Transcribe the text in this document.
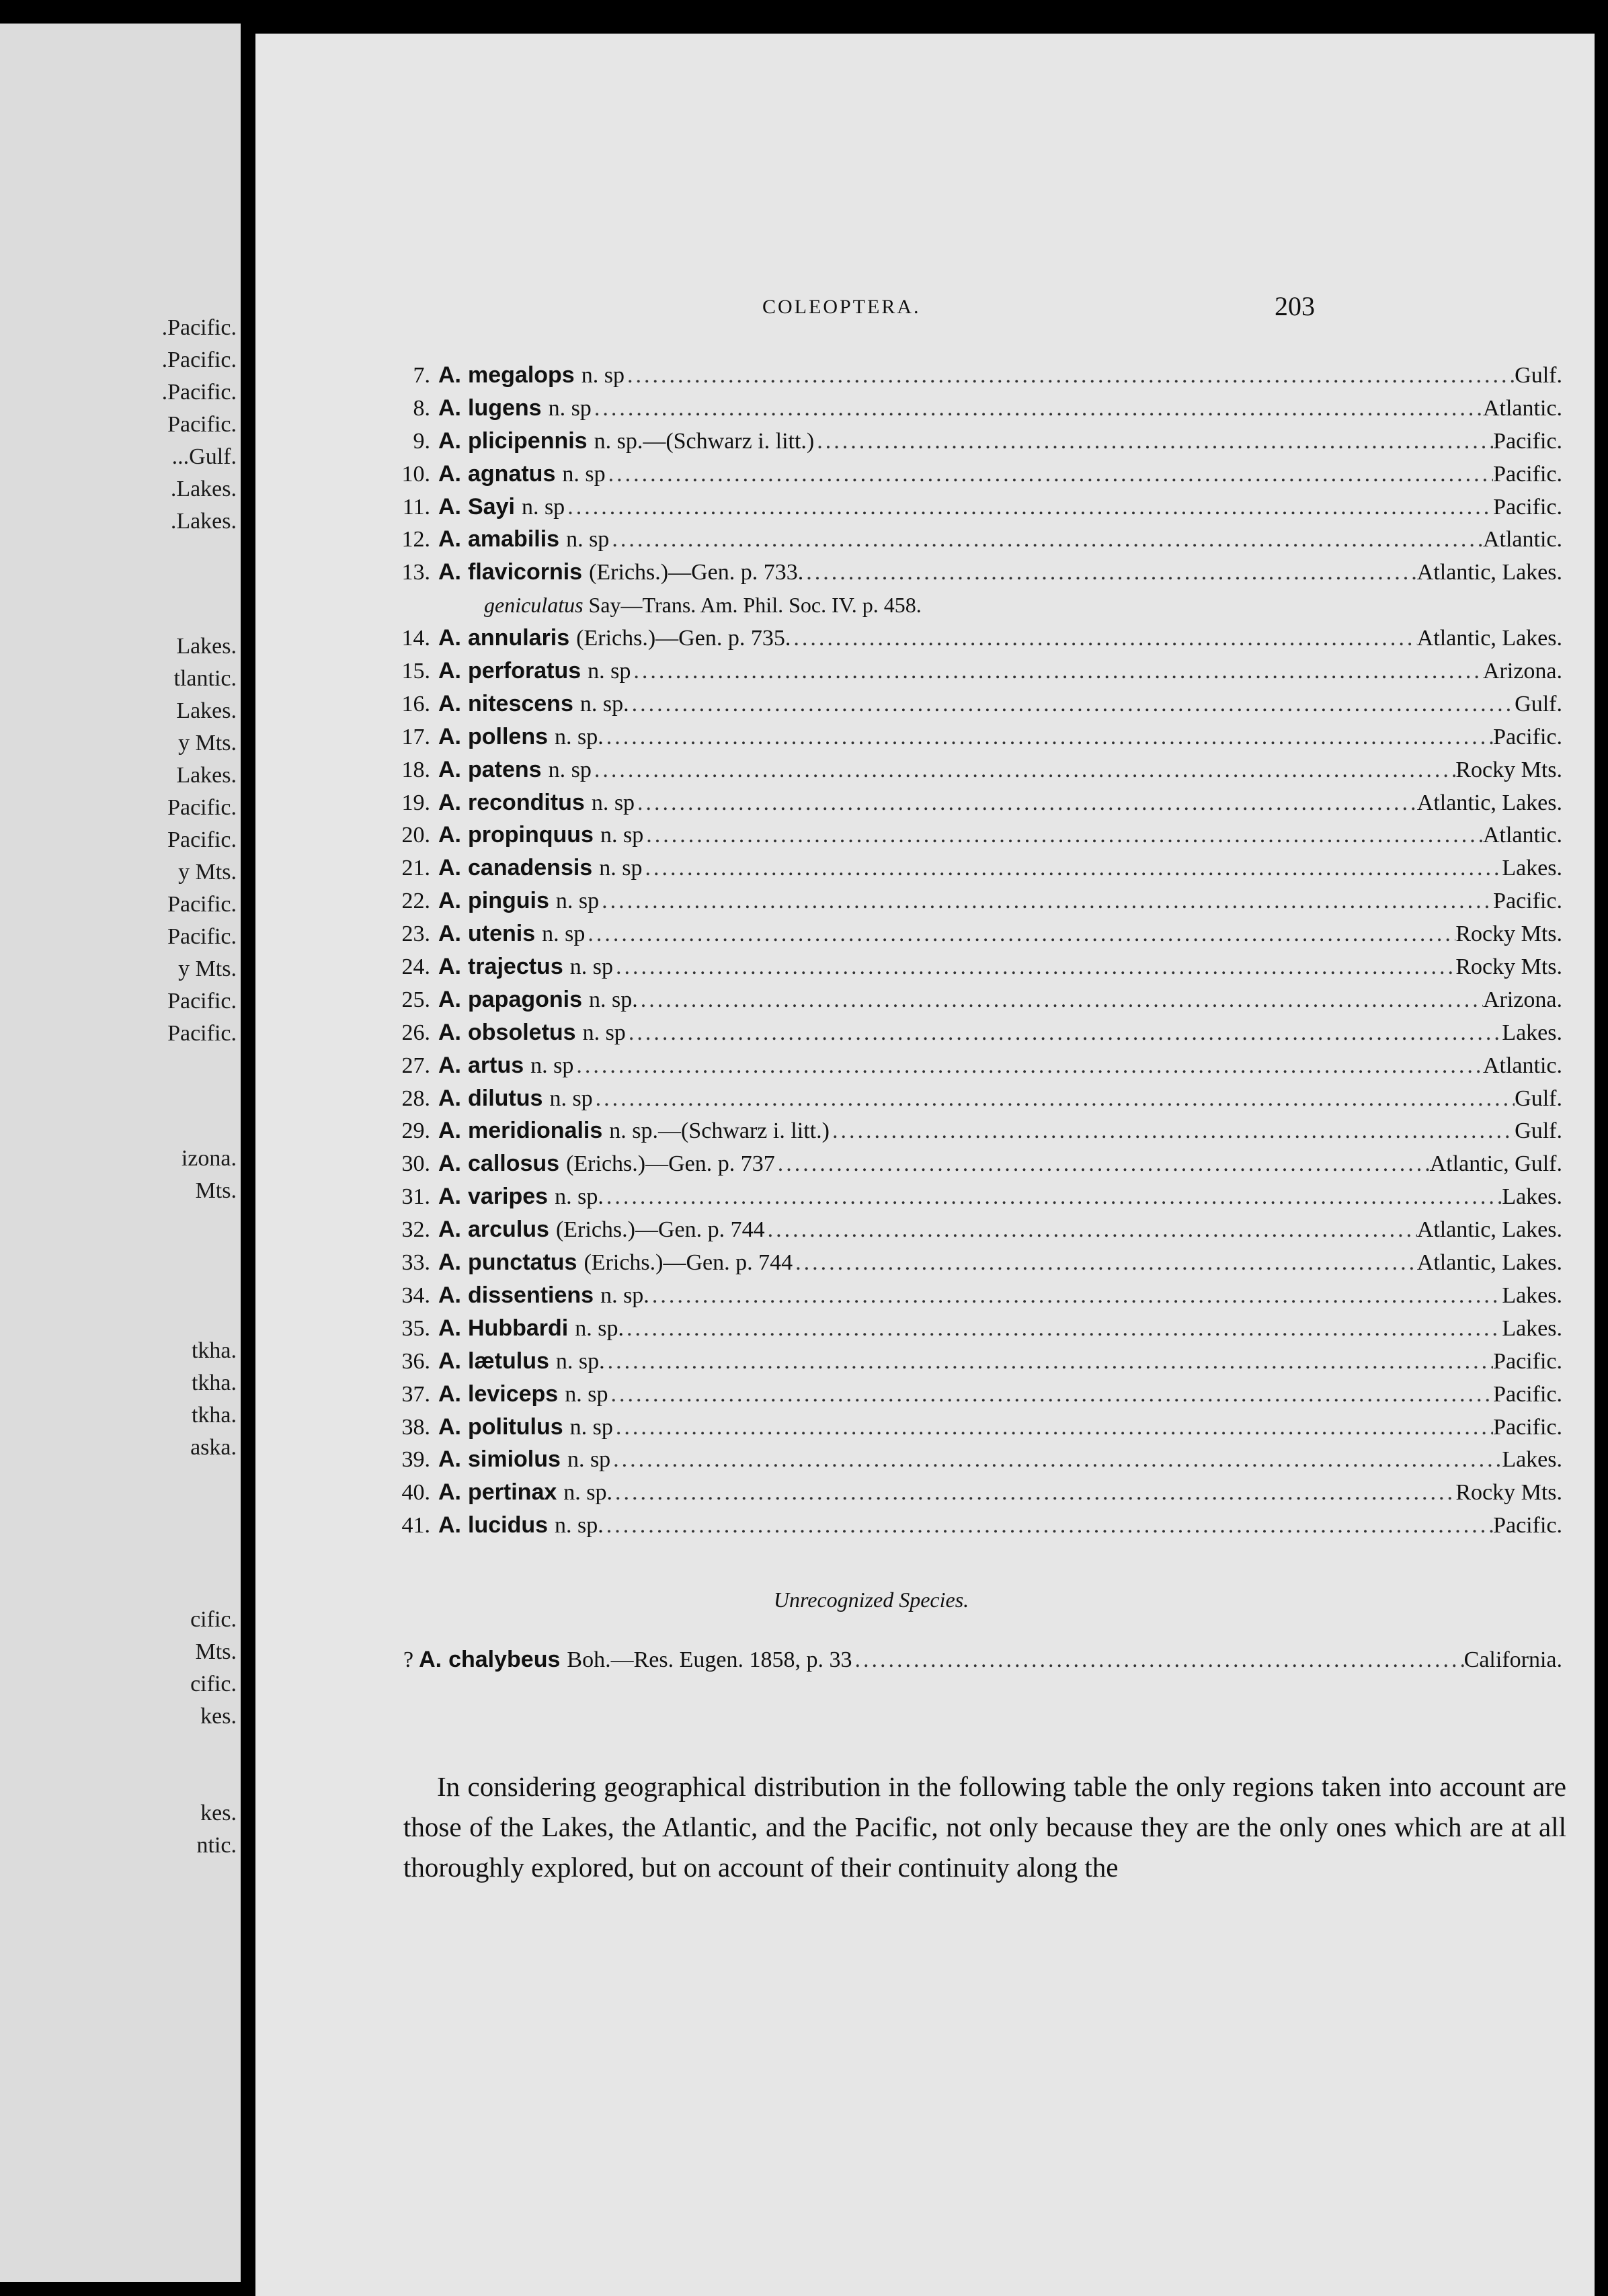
.Pacific.
.Pacific.
.Pacific.
Pacific.
...Gulf.
.Lakes.
.Lakes.
Lakes.
tlantic.
Lakes.
y Mts.
Lakes.
Pacific.
Pacific.
y Mts.
Pacific.
Pacific.
y Mts.
Pacific.
Pacific.
izona.
Mts.
tkha.
tkha.
tkha.
aska.
cific.
Mts.
cific.
kes.
kes.
ntic.
COLEOPTERA.	203
7. A. megalops n. sp .....	Gulf.
8. A. lugens n. sp .....	Atlantic.
9. A. plicipennis n. sp.—(Schwarz i. litt.) .....	Pacific.
10. A. agnatus n. sp .....	Pacific.
11. A. Sayi n. sp .....	Pacific.
12. A. amabilis n. sp .....	Atlantic.
13. A. flavicornis (Erichs.)—Gen. p. 733. .....	Atlantic, Lakes.
geniculatus Say—Trans. Am. Phil. Soc. IV. p. 458.
14. A. annularis (Erichs.)—Gen. p. 735. .....	Atlantic, Lakes.
15. A. perforatus n. sp .....	Arizona.
16. A. nitescens n. sp. .....	Gulf.
17. A. pollens n. sp. .....	Pacific.
18. A. patens n. sp .....	Rocky Mts.
19. A. reconditus n. sp .....	Atlantic, Lakes.
20. A. propinquus n. sp .....	Atlantic.
21. A. canadensis n. sp .....	Lakes.
22. A. pinguis n. sp .....	Pacific.
23. A. utenis n. sp .....	Rocky Mts.
24. A. trajectus n. sp .....	Rocky Mts.
25. A. papagonis n. sp. .....	Arizona.
26. A. obsoletus n. sp .....	Lakes.
27. A. artus n. sp .....	Atlantic.
28. A. dilutus n. sp .....	Gulf.
29. A. meridionalis n. sp.—(Schwarz i. litt.) .....	Gulf.
30. A. callosus (Erichs.)—Gen. p. 737 .....	Atlantic, Gulf.
31. A. varipes n. sp. .....	Lakes.
32. A. arculus (Erichs.)—Gen. p. 744 .....	Atlantic, Lakes.
33. A. punctatus (Erichs.)—Gen. p. 744 .....	Atlantic, Lakes.
34. A. dissentiens n. sp. .....	Lakes.
35. A. Hubbardi n. sp. .....	Lakes.
36. A. lætulus n. sp. .....	Pacific.
37. A. leviceps n. sp .....	Pacific.
38. A. politulus n. sp .....	Pacific.
39. A. simiolus n. sp .....	Lakes.
40. A. pertinax n. sp. .....	Rocky Mts.
41. A. lucidus n. sp. .....	Pacific.
Unrecognized Species.
? A. chalybeus Boh.—Res. Eugen. 1858, p. 33 .....	California.
In considering geographical distribution in the following table the only regions taken into account are those of the Lakes, the Atlantic, and the Pacific, not only because they are the only ones which are at all thoroughly explored, but on account of their continuity along the
